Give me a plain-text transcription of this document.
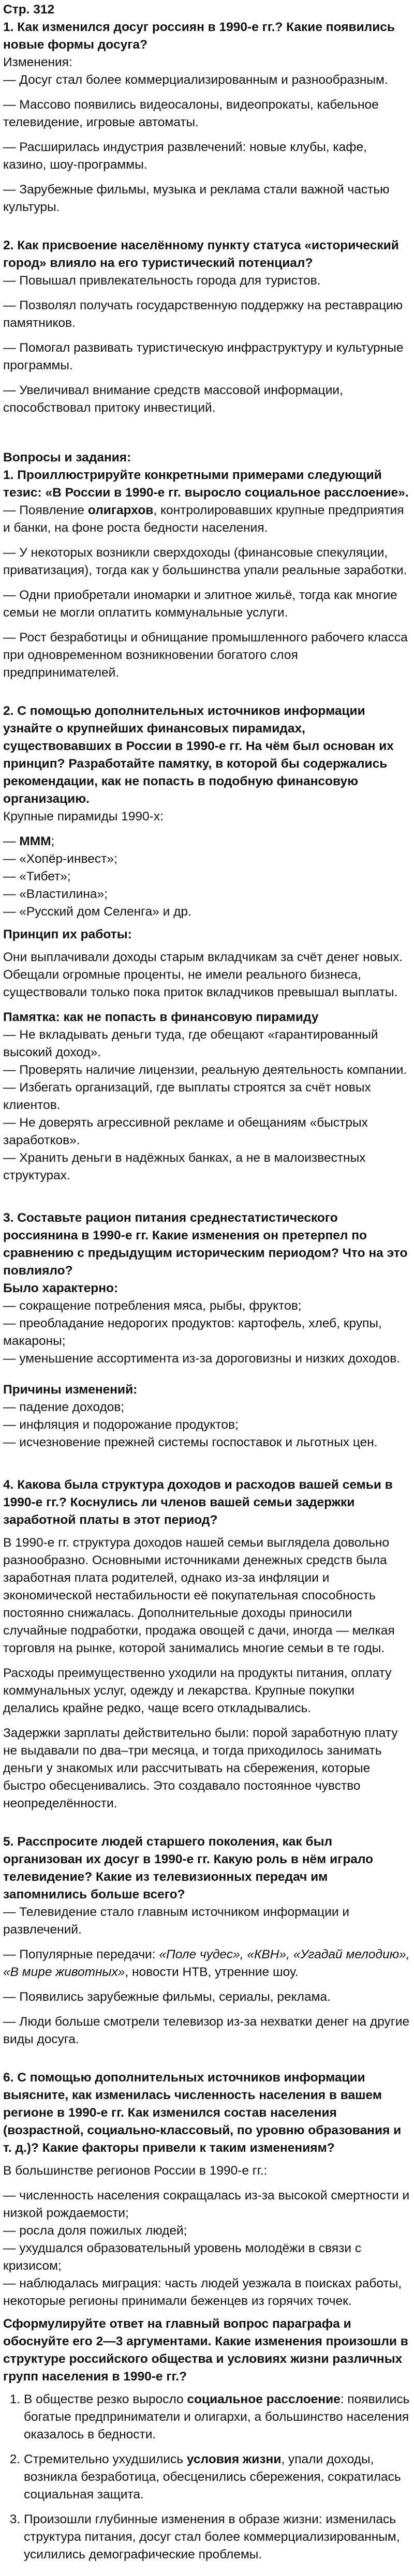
Стр. 312
1. Как изменился досуг россиян в 1990-е гг.? Какие появились новые формы досуга?
Изменения:
— Досуг стал более коммерциализированным и разнообразным.
— Массово появились видеосалоны, видеопрокаты, кабельное телевидение, игровые автоматы.
— Расширилась индустрия развлечений: новые клубы, кафе, казино, шоу-программы.
— Зарубежные фильмы, музыка и реклама стали важной частью культуры.
2. Как присвоение населённому пункту статуса «исторический город» влияло на его туристический потенциал?
— Повышал привлекательность города для туристов.
— Позволял получать государственную поддержку на реставрацию памятников.
— Помогал развивать туристическую инфраструктуру и культурные программы.
— Увеличивал внимание средств массовой информации, способствовал притоку инвестиций.
Вопросы и задания:
1. Проиллюстрируйте конкретными примерами следующий тезис: «В России в 1990-е гг. выросло социальное расслоение».
— Появление олигархов, контролировавших крупные предприятия и банки, на фоне роста бедности населения.
— У некоторых возникли сверхдоходы (финансовые спекуляции, приватизация), тогда как у большинства упали реальные заработки.
— Одни приобретали иномарки и элитное жильё, тогда как многие семьи не могли оплатить коммунальные услуги.
— Рост безработицы и обнищание промышленного рабочего класса при одновременном возникновении богатого слоя предпринимателей.
2. С помощью дополнительных источников информации узнайте о крупнейших финансовых пирамидах, существовавших в России в 1990-е гг. На чём был основан их принцип? Разработайте памятку, в которой бы содержались рекомендации, как не попасть в подобную финансовую организацию.
Крупные пирамиды 1990-х:
— МММ;
— «Хопёр-инвест»;
— «Тибет»;
— «Властилина»;
— «Русский дом Селенга» и др.
Принцип их работы:
Они выплачивали доходы старым вкладчикам за счёт денег новых. Обещали огромные проценты, не имели реального бизнеса, существовали только пока приток вкладчиков превышал выплаты.
Памятка: как не попасть в финансовую пирамиду
— Не вкладывать деньги туда, где обещают «гарантированный высокий доход».
— Проверять наличие лицензии, реальную деятельность компании.
— Избегать организаций, где выплаты строятся за счёт новых клиентов.
— Не доверять агрессивной рекламе и обещаниям «быстрых заработков».
— Хранить деньги в надёжных банках, а не в малоизвестных структурах.
3. Составьте рацион питания среднестатистического россиянина в 1990-е гг. Какие изменения он претерпел по сравнению с предыдущим историческим периодом? Что на это повлияло?
Было характерно:
— сокращение потребления мяса, рыбы, фруктов;
— преобладание недорогих продуктов: картофель, хлеб, крупы, макароны;
— уменьшение ассортимента из-за дороговизны и низких доходов.
Причины изменений:
— падение доходов;
— инфляция и подорожание продуктов;
— исчезновение прежней системы госпоставок и льготных цен.
4. Какова была структура доходов и расходов вашей семьи в 1990-е гг.? Коснулись ли членов вашей семьи задержки заработной платы в этот период?
В 1990-е гг. структура доходов нашей семьи выглядела довольно разнообразно. Основными источниками денежных средств была заработная плата родителей, однако из-за инфляции и экономической нестабильности её покупательная способность постоянно снижалась. Дополнительные доходы приносили случайные подработки, продажа овощей с дачи, иногда — мелкая торговля на рынке, которой занимались многие семьи в те годы.
Расходы преимущественно уходили на продукты питания, оплату коммунальных услуг, одежду и лекарства. Крупные покупки делались крайне редко, чаще всего откладывались.
Задержки зарплаты действительно были: порой заработную плату не выдавали по два–три месяца, и тогда приходилось занимать деньги у знакомых или рассчитывать на сбережения, которые быстро обесценивались. Это создавало постоянное чувство неопределённости.
5. Расспросите людей старшего поколения, как был организован их досуг в 1990-е гг. Какую роль в нём играло телевидение? Какие из телевизионных передач им запомнились больше всего?
— Телевидение стало главным источником информации и развлечений.
— Популярные передачи: «Поле чудес», «КВН», «Угадай мелодию», «В мире животных», новости НТВ, утренние шоу.
— Появились зарубежные фильмы, сериалы, реклама.
— Люди больше смотрели телевизор из-за нехватки денег на другие виды досуга.
6. С помощью дополнительных источников информации выясните, как изменилась численность населения в вашем регионе в 1990-е гг. Как изменился состав населения (возрастной, социально-классовый, по уровню образования и т. д.)? Какие факторы привели к таким изменениям?
В большинстве регионов России в 1990-е гг.:
— численность населения сокращалась из-за высокой смертности и низкой рождаемости;
— росла доля пожилых людей;
— ухудшался образовательный уровень молодёжи в связи с кризисом;
— наблюдалась миграция: часть людей уезжала в поисках работы, некоторые регионы принимали беженцев из горячих точек.
Сформулируйте ответ на главный вопрос параграфа и обоснуйте его 2—3 аргументами. Какие изменения произошли в структуре российского общества и условиях жизни различных групп населения в 1990-е гг.?
1. В обществе резко выросло социальное расслоение: появились богатые предприниматели и олигархи, а большинство населения оказалось в бедности.
2. Стремительно ухудшились условия жизни, упали доходы, возникла безработица, обесценились сбережения, сократилась социальная защита.
3. Произошли глубинные изменения в образе жизни: изменилась структура питания, досуг стал более коммерциализированным, усилились демографические проблемы.
